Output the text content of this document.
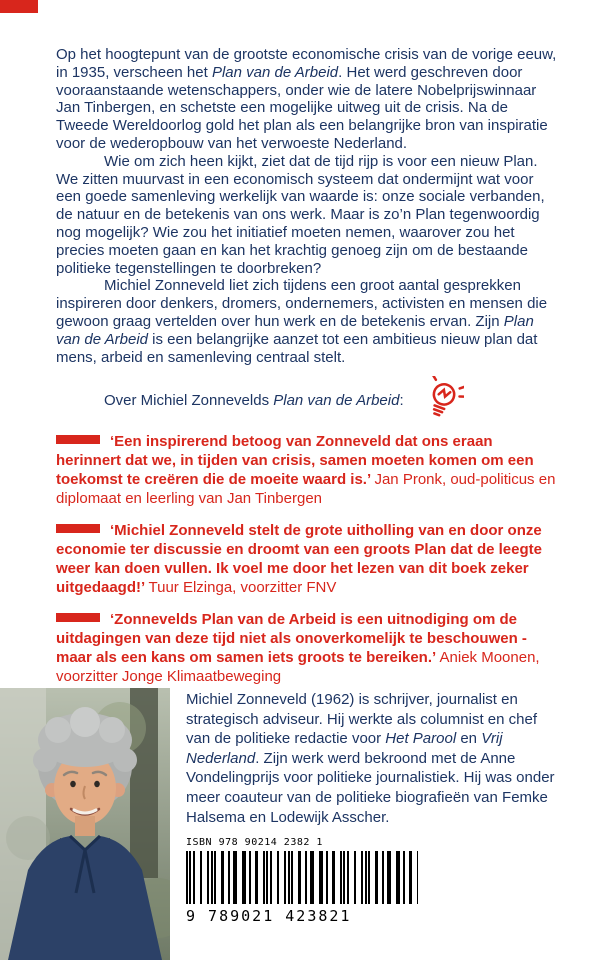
Op het hoogtepunt van de grootste economische crisis van de vorige eeuw, in 1935, verscheen het Plan van de Arbeid. Het werd geschreven door vooraanstaande wetenschappers, onder wie de latere Nobelprijswinnaar Jan Tinbergen, en schetste een mogelijke uitweg uit de crisis. Na de Tweede Wereldoorlog gold het plan als een belangrijke bron van inspiratie voor de wederopbouw van het verwoeste Nederland.

Wie om zich heen kijkt, ziet dat de tijd rijp is voor een nieuw Plan. We zitten muurvast in een economisch systeem dat ondermijnt wat voor een goede samenleving werkelijk van waarde is: onze sociale verbanden, de natuur en de betekenis van ons werk. Maar is zo’n Plan tegenwoordig nog mogelijk? Wie zou het initiatief moeten nemen, waarover zou het precies moeten gaan en kan het krachtig genoeg zijn om de bestaande politieke tegenstellingen te doorbreken?

Michiel Zonneveld liet zich tijdens een groot aantal gesprekken inspireren door denkers, dromers, ondernemers, activisten en mensen die gewoon graag vertelden over hun werk en de betekenis ervan. Zijn Plan van de Arbeid is een belangrijke aanzet tot een ambitieus nieuw plan dat mens, arbeid en samenleving centraal stelt.

Over Michiel Zonnevelds Plan van de Arbeid:

‘Een inspirerend betoog van Zonneveld dat ons eraan herinnert dat we, in tijden van crisis, samen moeten komen om een toekomst te creëren die de moeite waard is.’ Jan Pronk, oud-politicus en diplomaat en leerling van Jan Tinbergen

‘Michiel Zonneveld stelt de grote uitholling van en door onze economie ter discussie en droomt van een groots Plan dat de leegte weer kan doen vullen. Ik voel me door het lezen van dit boek zeker uitgedaagd!’ Tuur Elzinga, voorzitter FNV

‘Zonnevelds Plan van de Arbeid is een uitnodiging om de uitdagingen van deze tijd niet als onoverkomelijk te beschouwen - maar als een kans om samen iets groots te bereiken.’ Aniek Moonen, voorzitter Jonge Klimaatbeweging

Michiel Zonneveld (1962) is schrijver, journalist en strategisch adviseur. Hij werkte als columnist en chef van de politieke redactie voor Het Parool en Vrij Nederland. Zijn werk werd bekroond met de Anne Vondelingprijs voor politieke journalistiek. Hij was onder meer coauteur van de politieke biografieën van Femke Halsema en Lodewijk Asscher.

ISBN 978 90214 2382 1
9 789021 423821
